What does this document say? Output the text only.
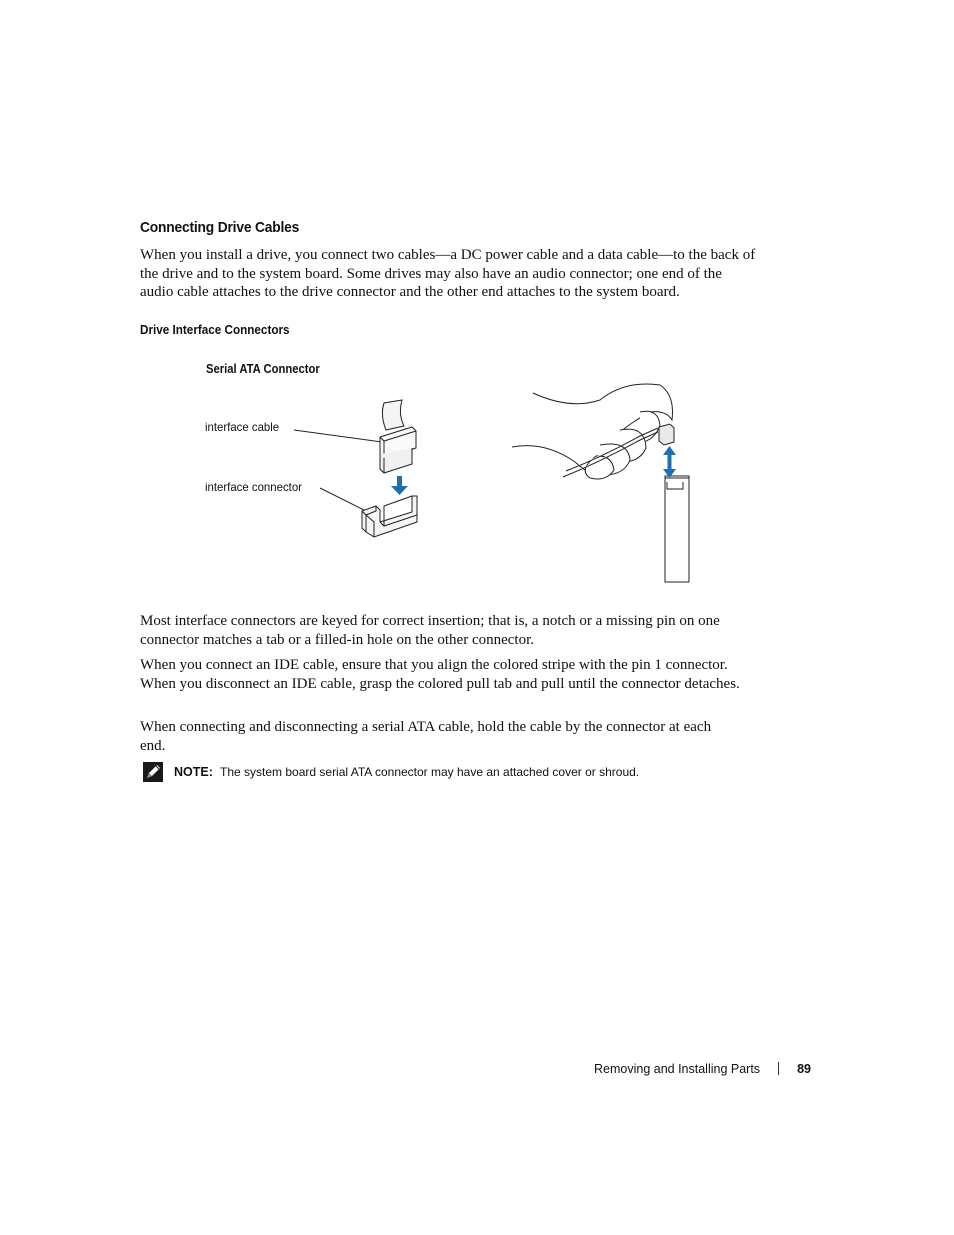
Connecting Drive Cables
When you install a drive, you connect two cables—a DC power cable and a data cable—to the back of the drive and to the system board. Some drives may also have an audio connector; one end of the audio cable attaches to the drive connector and the other end attaches to the system board.
Drive Interface Connectors
Serial ATA Connector
interface cable
interface connector
Most interface connectors are keyed for correct insertion; that is, a notch or a missing pin on one connector matches a tab or a filled-in hole on the other connector.
When you connect an IDE cable, ensure that you align the colored stripe with the pin 1 connector. When you disconnect an IDE cable, grasp the colored pull tab and pull until the connector detaches.
When connecting and disconnecting a serial ATA cable, hold the cable by the connector at each end.
NOTE: The system board serial ATA connector may have an attached cover or shroud.
Removing and Installing Parts	89
